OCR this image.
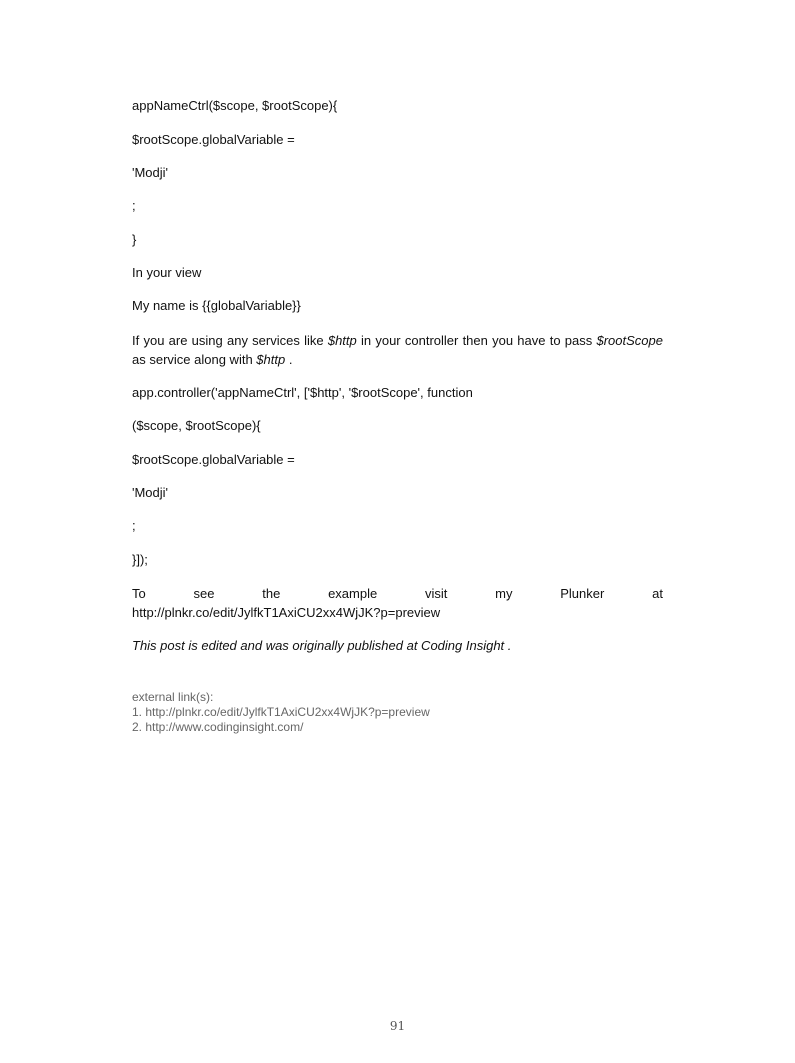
appNameCtrl($scope, $rootScope){

$rootScope.globalVariable =

'Modji'

;

}

In your view

My name is {{globalVariable}}

If you are using any services like $http in your controller then you have to pass $rootScope as service along with $http .

app.controller('appNameCtrl', ['$http', '$rootScope', function

($scope, $rootScope){

$rootScope.globalVariable =

'Modji'

;

}]);

To	see	the	example	visit	my	Plunker	at
http://plnkr.co/edit/JylfkT1AxiCU2xx4WjJK?p=preview

This post is edited and was originally published at Coding Insight .

external link(s):
1. http://plnkr.co/edit/JylfkT1AxiCU2xx4WjJK?p=preview
2. http://www.codinginsight.com/
91
